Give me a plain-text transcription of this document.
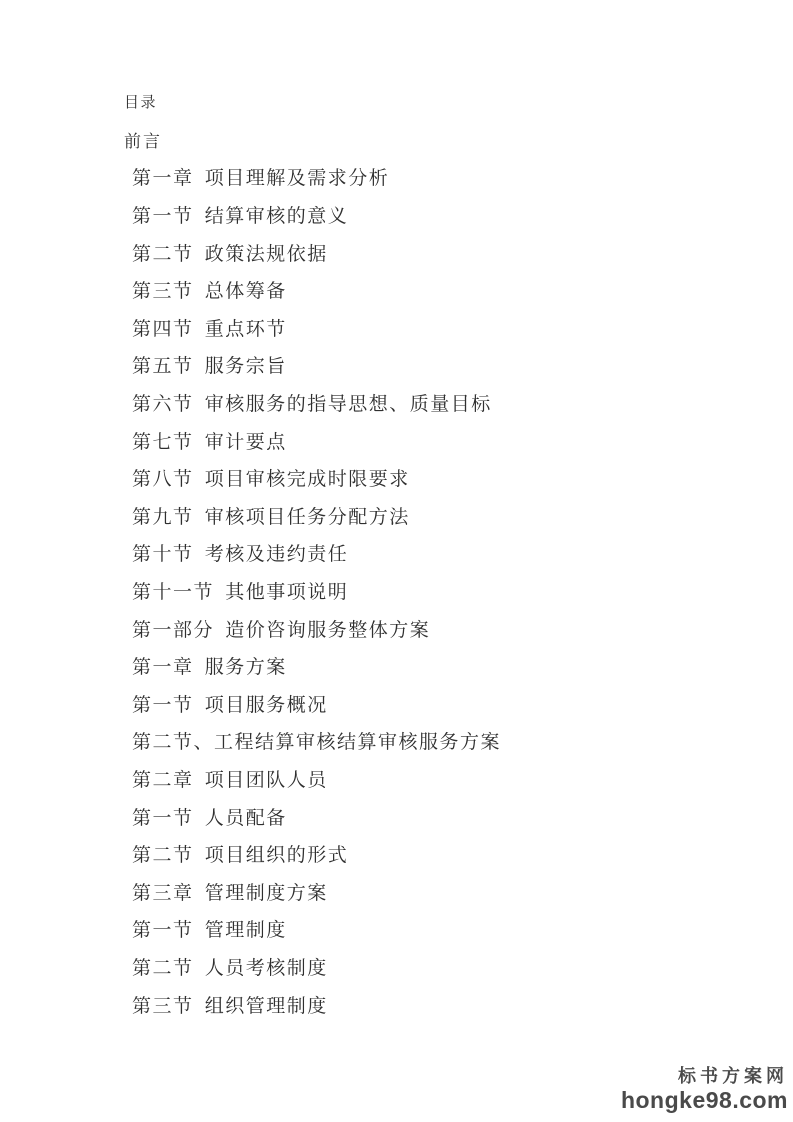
目录
前言
第一章 项目理解及需求分析
第一节 结算审核的意义
第二节 政策法规依据
第三节 总体筹备
第四节 重点环节
第五节 服务宗旨
第六节 审核服务的指导思想、质量目标
第七节 审计要点
第八节 项目审核完成时限要求
第九节 审核项目任务分配方法
第十节 考核及违约责任
第十一节 其他事项说明
第一部分 造价咨询服务整体方案
第一章 服务方案
第一节 项目服务概况
第二节、工程结算审核结算审核服务方案
第二章 项目团队人员
第一节 人员配备
第二节 项目组织的形式
第三章 管理制度方案
第一节 管理制度
第二节 人员考核制度
第三节 组织管理制度
标书方案网
hongke98.com
